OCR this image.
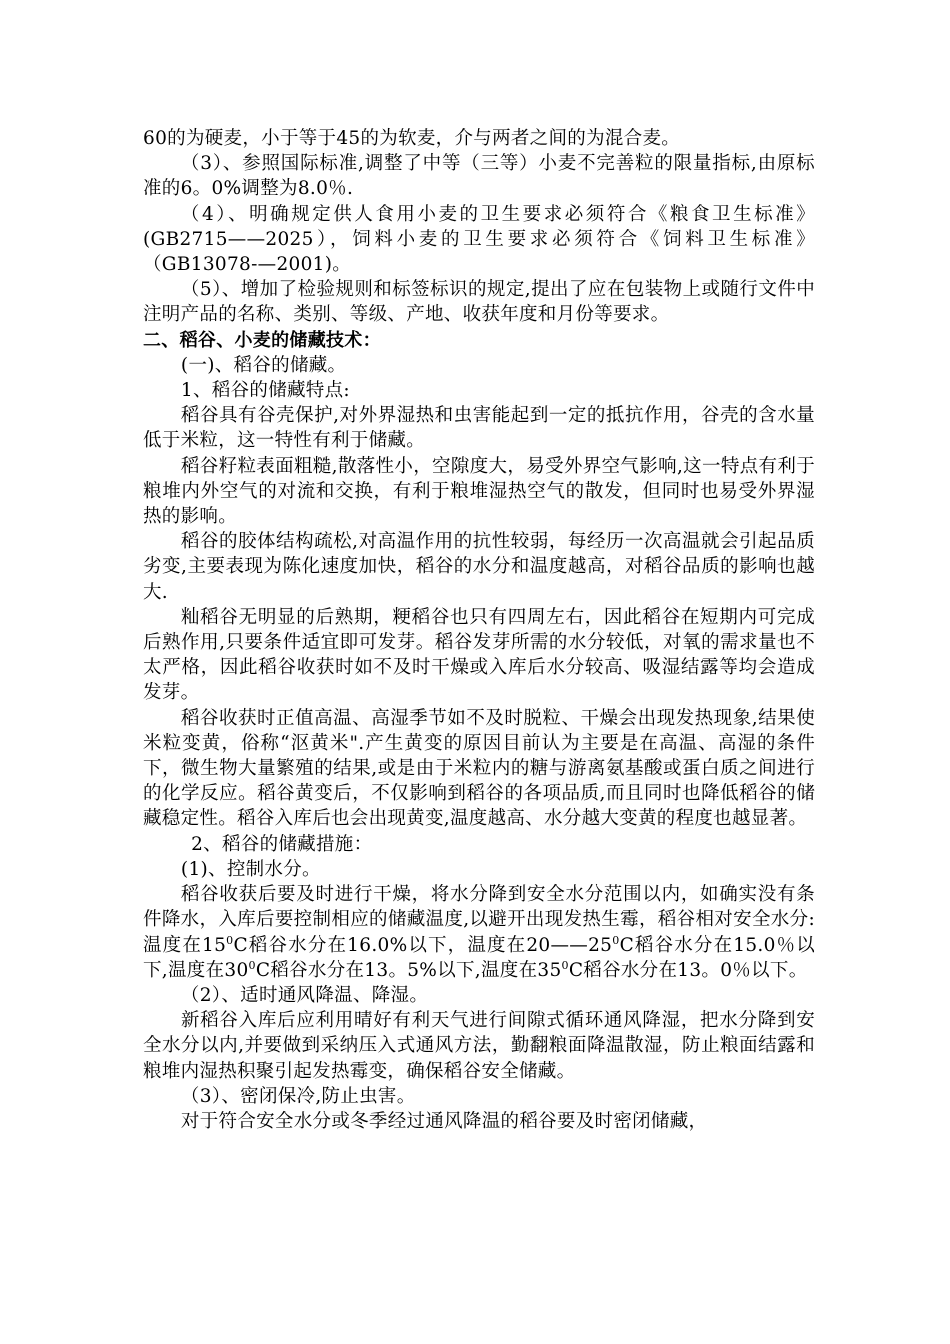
60的为硬麦，小于等于45的为软麦，介与两者之间的为混合麦。

（3）、参照国际标准,调整了中等（三等）小麦不完善粒的限量指标,由原标准的6。0%调整为8.0％.

（4）、明确规定供人食用小麦的卫生要求必须符合《粮食卫生标准》(GB2715——2025），饲料小麦的卫生要求必须符合《饲料卫生标准》（GB13078-—2001)。

（5）、增加了检验规则和标签标识的规定,提出了应在包装物上或随行文件中注明产品的名称、类别、等级、产地、收获年度和月份等要求。

二、稻谷、小麦的储藏技术：

(一)、稻谷的储藏。

1、稻谷的储藏特点:

稻谷具有谷壳保护,对外界湿热和虫害能起到一定的抵抗作用，谷壳的含水量低于米粒，这一特性有利于储藏。

稻谷籽粒表面粗糙,散落性小，空隙度大，易受外界空气影响,这一特点有利于粮堆内外空气的对流和交换，有利于粮堆湿热空气的散发，但同时也易受外界湿热的影响。

稻谷的胶体结构疏松,对高温作用的抗性较弱，每经历一次高温就会引起品质劣变,主要表现为陈化速度加快，稻谷的水分和温度越高，对稻谷品质的影响也越大.

籼稻谷无明显的后熟期，粳稻谷也只有四周左右，因此稻谷在短期内可完成后熟作用,只要条件适宜即可发芽。稻谷发芽所需的水分较低，对氧的需求量也不太严格，因此稻谷收获时如不及时干燥或入库后水分较高、吸湿结露等均会造成发芽。

稻谷收获时正值高温、高湿季节如不及时脱粒、干燥会出现发热现象,结果使米粒变黄，俗称“沤黄米".产生黄变的原因目前认为主要是在高温、高湿的条件下，微生物大量繁殖的结果,或是由于米粒内的糖与游离氨基酸或蛋白质之间进行的化学反应。稻谷黄变后，不仅影响到稻谷的各项品质,而且同时也降低稻谷的储藏稳定性。稻谷入库后也会出现黄变,温度越高、水分越大变黄的程度也越显著。

2、稻谷的储藏措施：

(1)、控制水分。

稻谷收获后要及时进行干燥，将水分降到安全水分范围以内，如确实没有条件降水，入库后要控制相应的储藏温度,以避开出现发热生霉，稻谷相对安全水分:温度在$15^0C$稻谷水分在16.0%以下，温度在$20——25^0C$稻谷水分在15.0％以下,温度在$30^0C$稻谷水分在13。5%以下,温度在$35^0C$稻谷水分在13。0％以下。

（2）、适时通风降温、降湿。

新稻谷入库后应利用晴好有利天气进行间隙式循环通风降湿，把水分降到安全水分以内,并要做到采纳压入式通风方法，勤翻粮面降温散湿，防止粮面结露和粮堆内湿热积聚引起发热霉变，确保稻谷安全储藏。

（3）、密闭保冷,防止虫害。

对于符合安全水分或冬季经过通风降温的稻谷要及时密闭储藏，
